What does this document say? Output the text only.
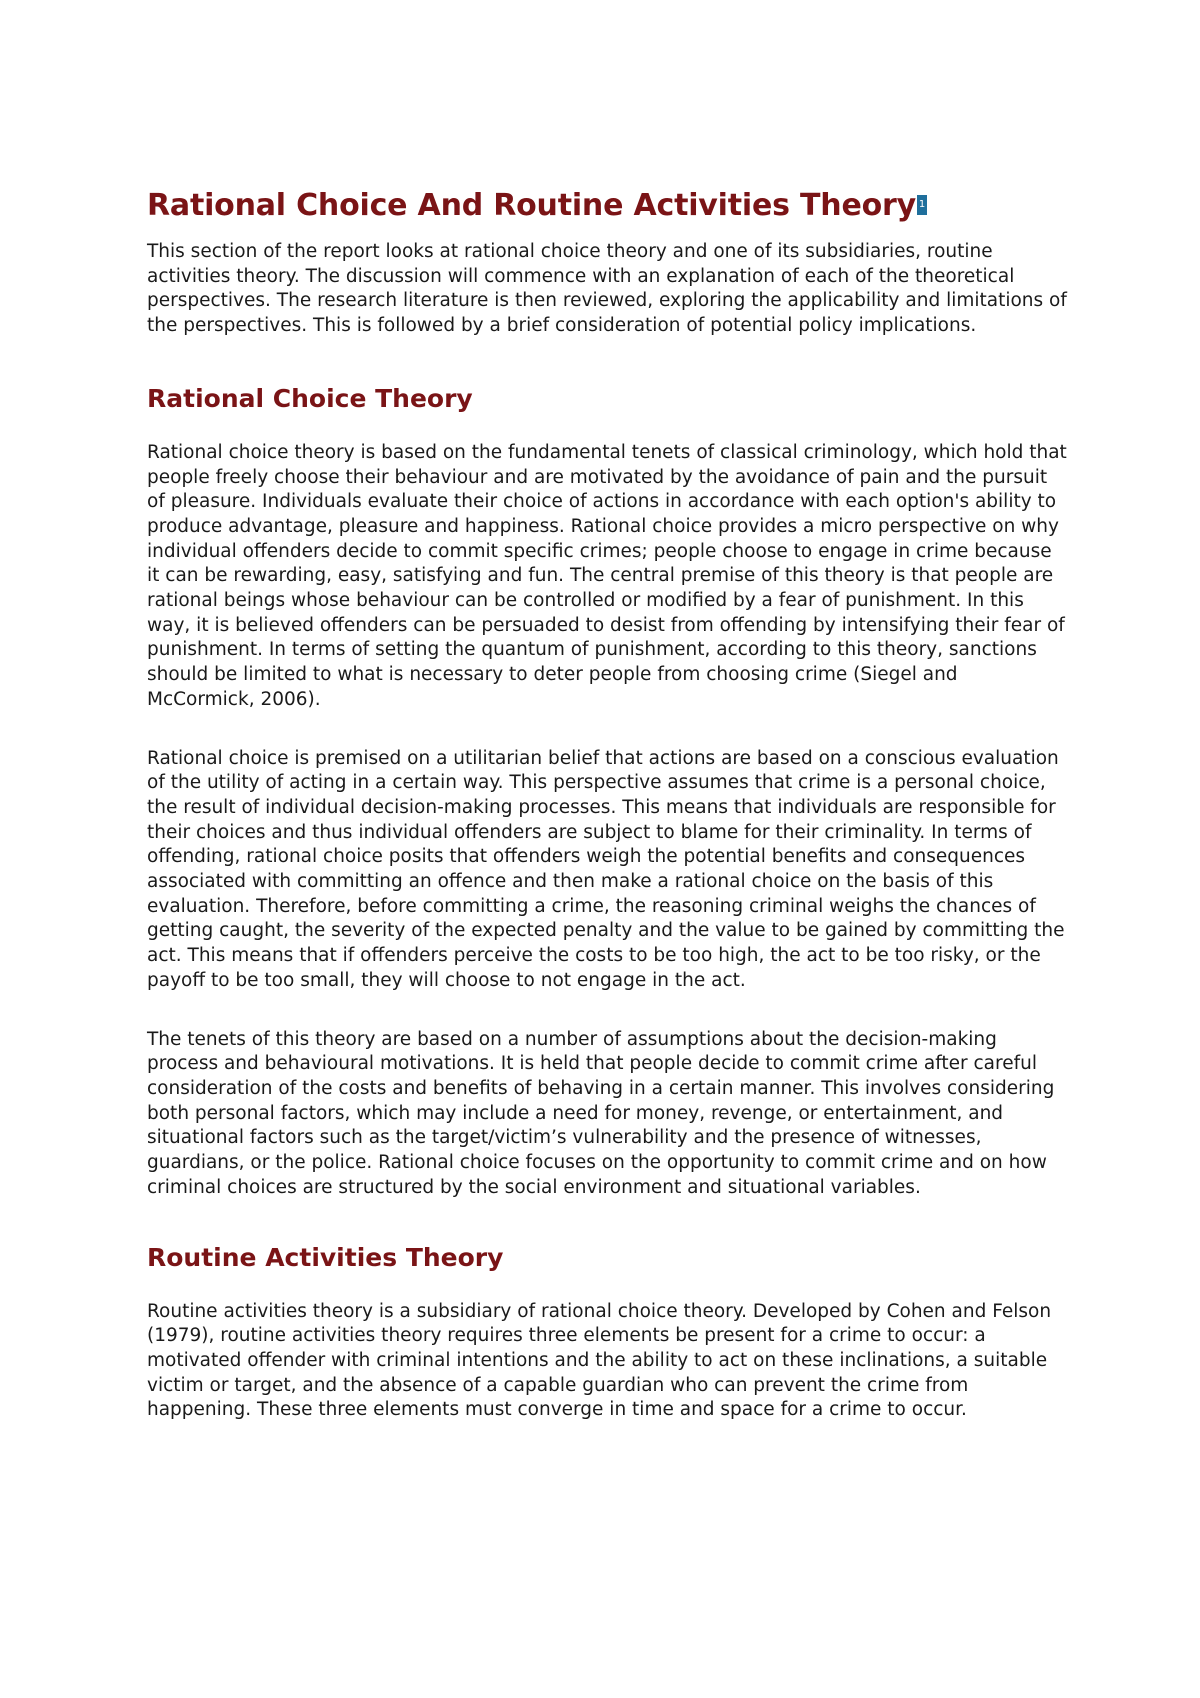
Rational Choice And Routine Activities Theory 1

This section of the report looks at rational choice theory and one of its subsidiaries, routine activities theory. The discussion will commence with an explanation of each of the theoretical perspectives. The research literature is then reviewed, exploring the applicability and limitations of the perspectives. This is followed by a brief consideration of potential policy implications.

Rational Choice Theory

Rational choice theory is based on the fundamental tenets of classical criminology, which hold that people freely choose their behaviour and are motivated by the avoidance of pain and the pursuit of pleasure. Individuals evaluate their choice of actions in accordance with each option's ability to produce advantage, pleasure and happiness. Rational choice provides a micro perspective on why individual offenders decide to commit specific crimes; people choose to engage in crime because it can be rewarding, easy, satisfying and fun. The central premise of this theory is that people are rational beings whose behaviour can be controlled or modified by a fear of punishment. In this way, it is believed offenders can be persuaded to desist from offending by intensifying their fear of punishment. In terms of setting the quantum of punishment, according to this theory, sanctions should be limited to what is necessary to deter people from choosing crime (Siegel and McCormick, 2006).

Rational choice is premised on a utilitarian belief that actions are based on a conscious evaluation of the utility of acting in a certain way. This perspective assumes that crime is a personal choice, the result of individual decision-making processes. This means that individuals are responsible for their choices and thus individual offenders are subject to blame for their criminality. In terms of offending, rational choice posits that offenders weigh the potential benefits and consequences associated with committing an offence and then make a rational choice on the basis of this evaluation. Therefore, before committing a crime, the reasoning criminal weighs the chances of getting caught, the severity of the expected penalty and the value to be gained by committing the act. This means that if offenders perceive the costs to be too high, the act to be too risky, or the payoff to be too small, they will choose to not engage in the act.

The tenets of this theory are based on a number of assumptions about the decision-making process and behavioural motivations. It is held that people decide to commit crime after careful consideration of the costs and benefits of behaving in a certain manner. This involves considering both personal factors, which may include a need for money, revenge, or entertainment, and situational factors such as the target/victim’s vulnerability and the presence of witnesses, guardians, or the police. Rational choice focuses on the opportunity to commit crime and on how criminal choices are structured by the social environment and situational variables.

Routine Activities Theory

Routine activities theory is a subsidiary of rational choice theory. Developed by Cohen and Felson (1979), routine activities theory requires three elements be present for a crime to occur: a motivated offender with criminal intentions and the ability to act on these inclinations, a suitable victim or target, and the absence of a capable guardian who can prevent the crime from happening. These three elements must converge in time and space for a crime to occur.
